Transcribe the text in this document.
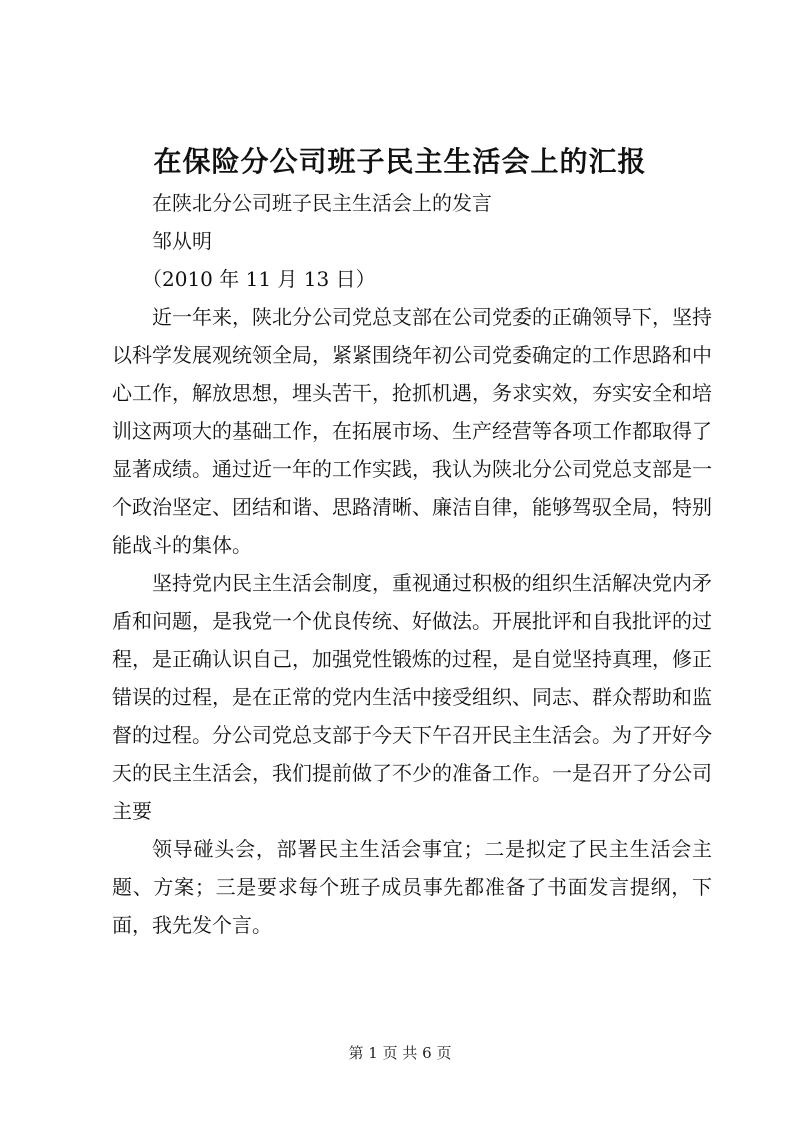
在保险分公司班子民主生活会上的汇报

在陕北分公司班子民主生活会上的发言

邹从明

（2010 年 11 月 13 日）

近一年来，陕北分公司党总支部在公司党委的正确领导下，坚持以科学发展观统领全局，紧紧围绕年初公司党委确定的工作思路和中心工作，解放思想，埋头苦干，抢抓机遇，务求实效，夯实安全和培训这两项大的基础工作，在拓展市场、生产经营等各项工作都取得了显著成绩。通过近一年的工作实践，我认为陕北分公司党总支部是一个政治坚定、团结和谐、思路清晰、廉洁自律，能够驾驭全局，特别能战斗的集体。

坚持党内民主生活会制度，重视通过积极的组织生活解决党内矛盾和问题，是我党一个优良传统、好做法。开展批评和自我批评的过程，是正确认识自己，加强党性锻炼的过程，是自觉坚持真理，修正错误的过程，是在正常的党内生活中接受组织、同志、群众帮助和监督的过程。分公司党总支部于今天下午召开民主生活会。为了开好今天的民主生活会，我们提前做了不少的准备工作。一是召开了分公司主要

领导碰头会，部署民主生活会事宜；二是拟定了民主生活会主题、方案；三是要求每个班子成员事先都准备了书面发言提纲，下面，我先发个言。

第 1 页 共 6 页
